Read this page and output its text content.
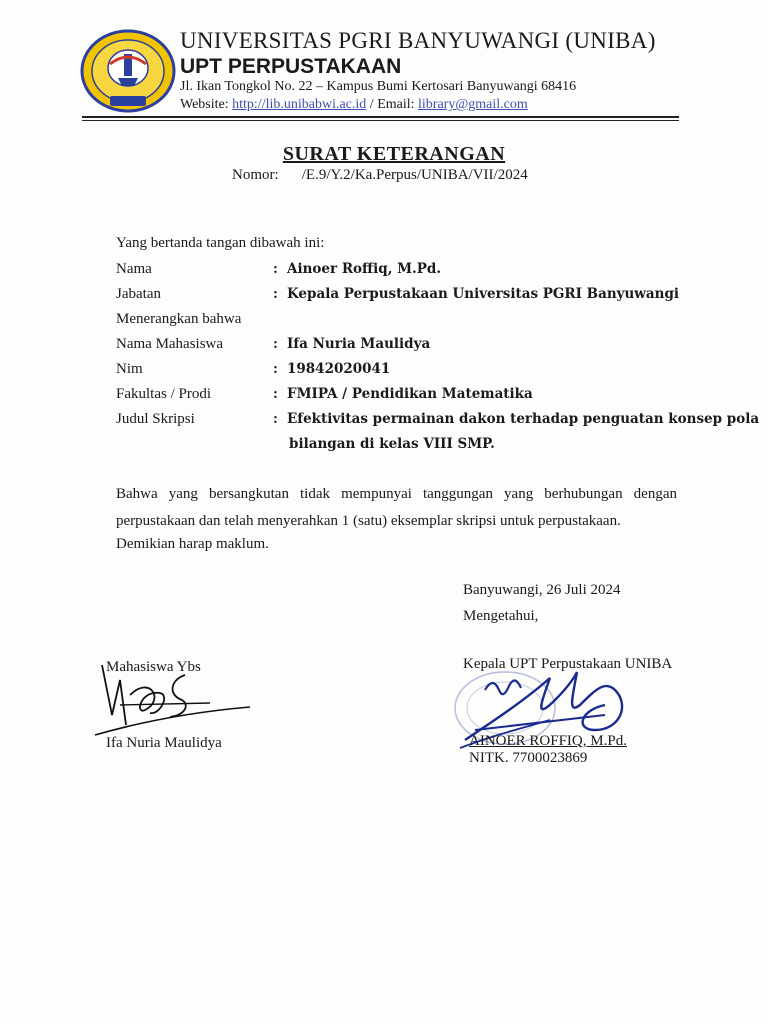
UNIVERSITAS PGRI BANYUWANGI (UNIBA)
UPT PERPUSTAKAAN
Jl. Ikan Tongkol No. 22 – Kampus Bumi Kertosari Banyuwangi 68416
Website: http://lib.unibabwi.ac.id / Email: library@gmail.com
SURAT KETERANGAN
Nomor: /E.9/Y.2/Ka.Perpus/UNIBA/VII/2024
Yang bertanda tangan dibawah ini:
Nama	: Ainoer Roffiq, M.Pd.
Jabatan	: Kepala Perpustakaan Universitas PGRI Banyuwangi
Menerangkan bahwa
Nama Mahasiswa	: Ifa Nuria Maulidya
Nim	: 19842020041
Fakultas / Prodi	: FMIPA / Pendidikan Matematika
Judul Skripsi	: Efektivitas permainan dakon terhadap penguatan konsep pola
bilangan di kelas VIII SMP.
Bahwa yang bersangkutan tidak mempunyai tanggungan yang berhubungan dengan perpustakaan dan telah menyerahkan 1 (satu) eksemplar skripsi untuk perpustakaan.
Demikian harap maklum.
Banyuwangi, 26 Juli 2024
Mengetahui,
Kepala UPT Perpustakaan UNIBA
AINOER ROFFIQ, M.Pd.
NITK. 7700023869
Mahasiswa Ybs
Ifa Nuria Maulidya
